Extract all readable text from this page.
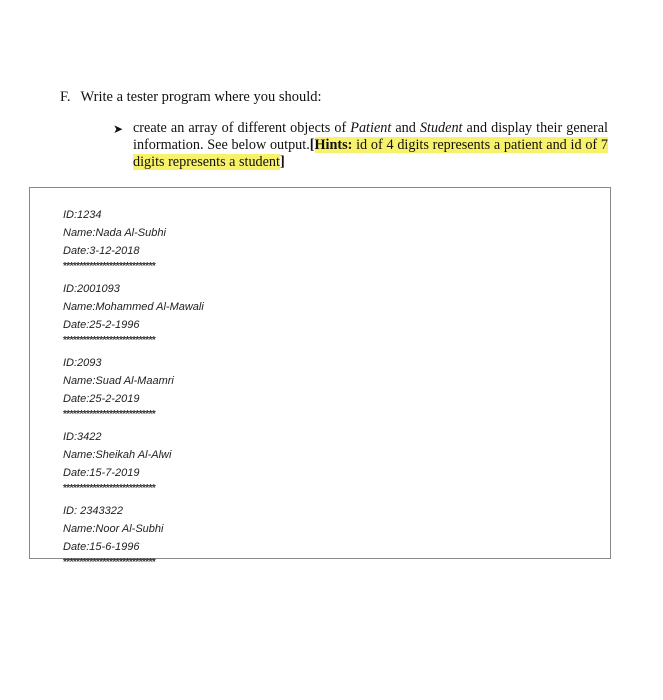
F. Write a tester program where you should:
➤ create an array of different objects of Patient and Student and display their general information. See below output.[Hints: id of 4 digits represents a patient and id of 7 digits represents a student]
ID:1234
Name:Nada Al-Subhi
Date:3-12-2018
****************************
ID:2001093
Name:Mohammed Al-Mawali
Date:25-2-1996
****************************
ID:2093
Name:Suad Al-Maamri
Date:25-2-2019
****************************
ID:3422
Name:Sheikah Al-Alwi
Date:15-7-2019
****************************
ID: 2343322
Name:Noor Al-Subhi
Date:15-6-1996
****************************
